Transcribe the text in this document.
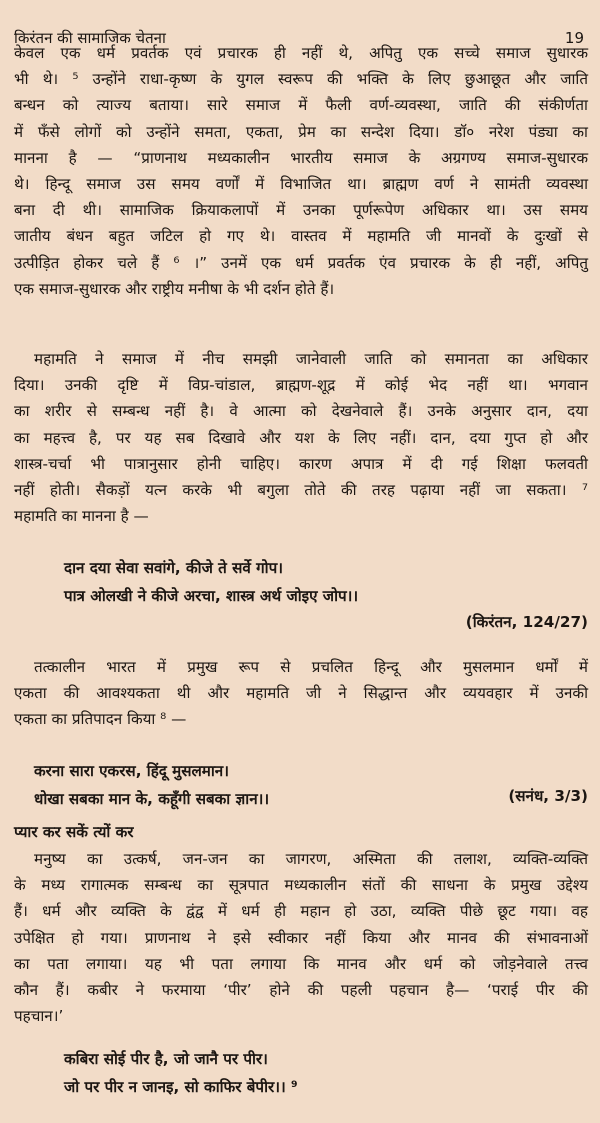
किरंतन की सामाजिक चेतना	19
केवल एक धर्म प्रवर्तक एवं प्रचारक ही नहीं थे, अपितु एक सच्चे समाज सुधारक
भी थे। ⁵ उन्होंने राधा-कृष्ण के युगल स्वरूप की भक्ति के लिए छुआछूत और जाति
बन्धन को त्याज्य बताया। सारे समाज में फैली वर्ण-व्यवस्था, जाति की संकीर्णता
में फँसे लोगों को उन्होंने समता, एकता, प्रेम का सन्देश दिया। डॉ० नरेश पंड्या का
मानना है — “प्राणनाथ मध्यकालीन भारतीय समाज के अग्रगण्य समाज-सुधारक
थे। हिन्दू समाज उस समय वर्णों में विभाजित था। ब्राह्मण वर्ण ने सामंती व्यवस्था
बना दी थी। सामाजिक क्रियाकलापों में उनका पूर्णरूपेण अधिकार था। उस समय
जातीय बंधन बहुत जटिल हो गए थे। वास्तव में महामति जी मानवों के दुःखों से
उत्पीड़ित होकर चले हैं ⁶ ।” उनमें एक धर्म प्रवर्तक एंव प्रचारक के ही नहीं, अपितु
एक समाज-सुधारक और राष्ट्रीय मनीषा के भी दर्शन होते हैं।
महामति ने समाज में नीच समझी जानेवाली जाति को समानता का अधिकार
दिया। उनकी दृष्टि में विप्र-चांडाल, ब्राह्मण-शूद्र में कोई भेद नहीं था। भगवान
का शरीर से सम्बन्ध नहीं है। वे आत्मा को देखनेवाले हैं। उनके अनुसार दान, दया
का महत्त्व है, पर यह सब दिखावे और यश के लिए नहीं। दान, दया गुप्त हो और
शास्त्र-चर्चा भी पात्रानुसार होनी चाहिए। कारण अपात्र में दी गई शिक्षा फलवती
नहीं होती। सैकड़ों यत्न करके भी बगुला तोते की तरह पढ़ाया नहीं जा सकता। ⁷
महामति का मानना है —
दान दया सेवा सवांगे, कीजे ते सर्वे गोप।
पात्र ओलखी ने कीजे अरचा, शास्त्र अर्थ जोइए जोप।।
(किरंतन, 124/27)
तत्कालीन भारत में प्रमुख रूप से प्रचलित हिन्दू और मुसलमान धर्मों में
एकता की आवश्यकता थी और महामति जी ने सिद्धान्त और व्ययवहार में उनकी
एकता का प्रतिपादन किया ⁸ —
करना सारा एकरस, हिंदू मुसलमान।
धोखा सबका मान के, कहूँगी सबका ज्ञान।।	(सनंध, 3/3)
प्यार कर सकें त्यों कर
मनुष्य का उत्कर्ष, जन-जन का जागरण, अस्मिता की तलाश, व्यक्ति-व्यक्ति
के मध्य रागात्मक सम्बन्ध का सूत्रपात मध्यकालीन संतों की साधना के प्रमुख उद्देश्य
हैं। धर्म और व्यक्ति के द्वंद्व में धर्म ही महान हो उठा, व्यक्ति पीछे छूट गया। वह
उपेक्षित हो गया। प्राणनाथ ने इसे स्वीकार नहीं किया और मानव की संभावनाओं
का पता लगाया। यह भी पता लगाया कि मानव और धर्म को जोड़नेवाले तत्त्व
कौन हैं। कबीर ने फरमाया ‘पीर’ होने की पहली पहचान है— ‘पराई पीर की
पहचान।’
कबिरा सोई पीर है, जो जानै पर पीर।
जो पर पीर न जानइ, सो काफिर बेपीर।। ⁹
